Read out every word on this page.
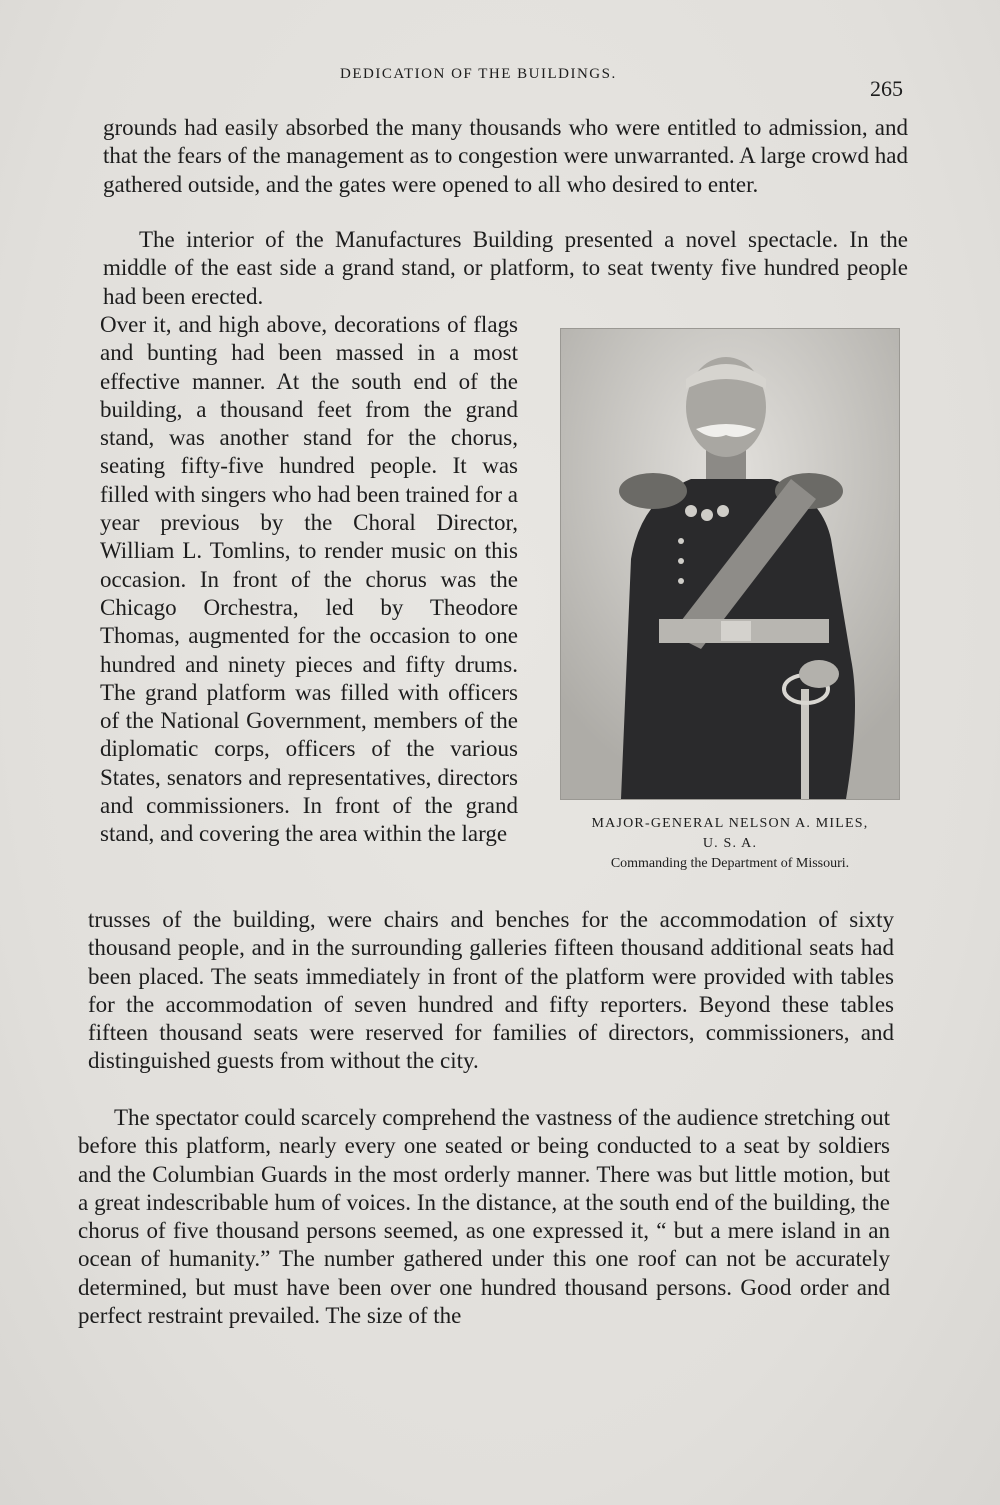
DEDICATION OF THE BUILDINGS.
265

grounds had easily absorbed the many thousands who were entitled to admission, and that the fears of the management as to congestion were unwarranted. A large crowd had gathered outside, and the gates were opened to all who desired to enter.

The interior of the Manufactures Building presented a novel spectacle. In the middle of the east side a grand stand, or platform, to seat twenty five hundred people had been erected.

Over it, and high above, decorations of flags and bunting had been massed in a most effective manner. At the south end of the building, a thousand feet from the grand stand, was another stand for the chorus, seating fifty-five hundred people. It was filled with singers who had been trained for a year previous by the Choral Director, William L. Tomlins, to render music on this occasion. In front of the chorus was the Chicago Orchestra, led by Theodore Thomas, augmented for the occasion to one hundred and ninety pieces and fifty drums. The grand platform was filled with officers of the National Government, members of the diplomatic corps, officers of the various States, senators and representatives, directors and commissioners. In front of the grand stand, and covering the area within the large	MAJOR-GENERAL NELSON A. MILES,
U. S. A.
Commanding the Department of Missouri.

trusses of the building, were chairs and benches for the accommodation of sixty thousand people, and in the surrounding galleries fifteen thousand additional seats had been placed. The seats immediately in front of the platform were provided with tables for the accommodation of seven hundred and fifty reporters. Beyond these tables fifteen thousand seats were reserved for families of directors, commissioners, and distinguished guests from without the city.

The spectator could scarcely comprehend the vastness of the audience stretching out before this platform, nearly every one seated or being conducted to a seat by soldiers and the Columbian Guards in the most orderly manner. There was but little motion, but a great indescribable hum of voices. In the distance, at the south end of the building, the chorus of five thousand persons seemed, as one expressed it, “ but a mere island in an ocean of humanity.” The number gathered under this one roof can not be accurately determined, but must have been over one hundred thousand persons. Good order and perfect restraint prevailed. The size of the
